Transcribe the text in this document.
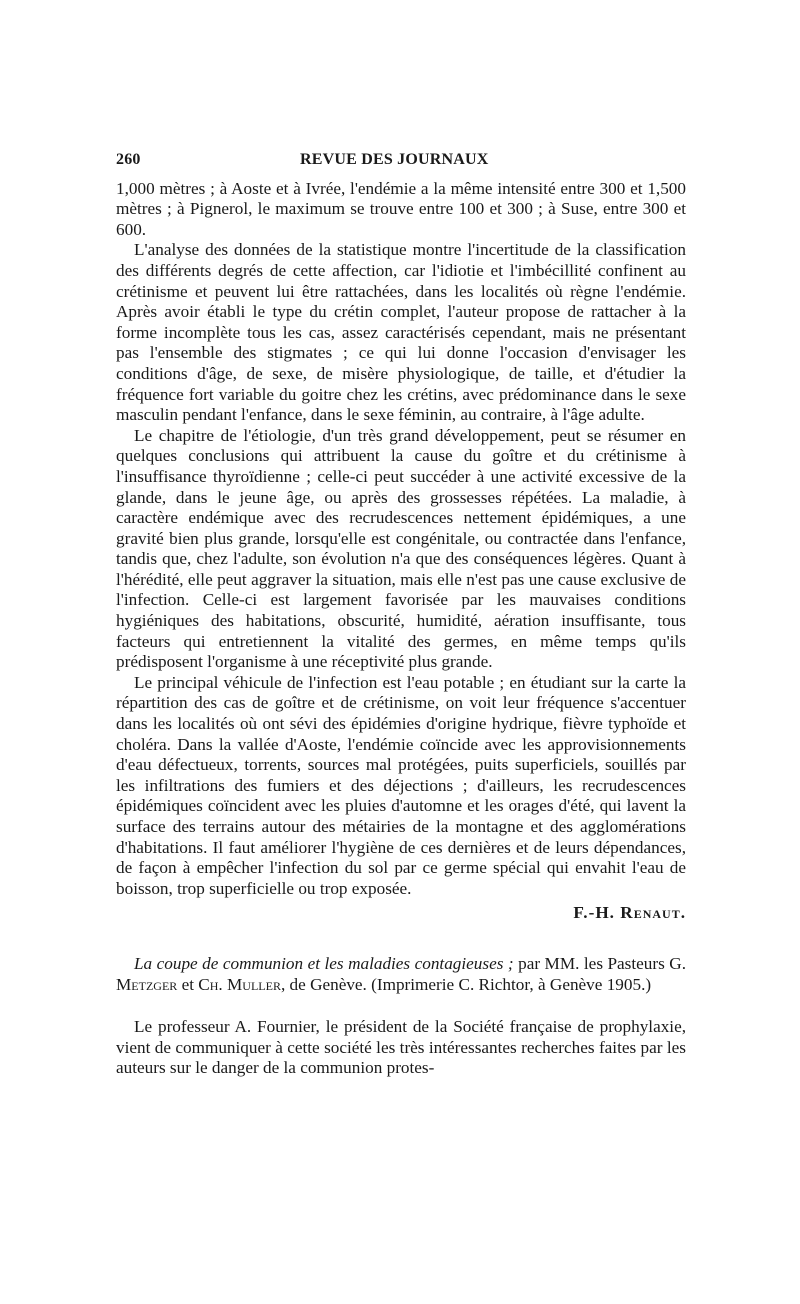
260	REVUE DES JOURNAUX

1,000 mètres ; à Aoste et à Ivrée, l'endémie a la même intensité entre 300 et 1,500 mètres ; à Pignerol, le maximum se trouve entre 100 et 300 ; à Suse, entre 300 et 600.

L'analyse des données de la statistique montre l'incertitude de la classification des différents degrés de cette affection, car l'idiotie et l'imbécillité confinent au crétinisme et peuvent lui être rattachées, dans les localités où règne l'endémie. Après avoir établi le type du crétin complet, l'auteur propose de rattacher à la forme incomplète tous les cas, assez caractérisés cependant, mais ne présentant pas l'ensemble des stigmates ; ce qui lui donne l'occasion d'envisager les conditions d'âge, de sexe, de misère physiologique, de taille, et d'étudier la fréquence fort variable du goitre chez les crétins, avec prédominance dans le sexe masculin pendant l'enfance, dans le sexe féminin, au contraire, à l'âge adulte.

Le chapitre de l'étiologie, d'un très grand développement, peut se résumer en quelques conclusions qui attribuent la cause du goître et du crétinisme à l'insuffisance thyroïdienne ; celle-ci peut succéder à une activité excessive de la glande, dans le jeune âge, ou après des grossesses répétées. La maladie, à caractère endémique avec des recrudescences nettement épidémiques, a une gravité bien plus grande, lorsqu'elle est congénitale, ou contractée dans l'enfance, tandis que, chez l'adulte, son évolution n'a que des conséquences légères. Quant à l'hérédité, elle peut aggraver la situation, mais elle n'est pas une cause exclusive de l'infection. Celle-ci est largement favorisée par les mauvaises conditions hygiéniques des habitations, obscurité, humidité, aération insuffisante, tous facteurs qui entretiennent la vitalité des germes, en même temps qu'ils prédisposent l'organisme à une réceptivité plus grande.

Le principal véhicule de l'infection est l'eau potable ; en étudiant sur la carte la répartition des cas de goître et de crétinisme, on voit leur fréquence s'accentuer dans les localités où ont sévi des épidémies d'origine hydrique, fièvre typhoïde et choléra. Dans la vallée d'Aoste, l'endémie coïncide avec les approvisionnements d'eau défectueux, torrents, sources mal protégées, puits superficiels, souillés par les infiltrations des fumiers et des déjections ; d'ailleurs, les recrudescences épidémiques coïncident avec les pluies d'automne et les orages d'été, qui lavent la surface des terrains autour des métairies de la montagne et des agglomérations d'habitations. Il faut améliorer l'hygiène de ces dernières et de leurs dépendances, de façon à empêcher l'infection du sol par ce germe spécial qui envahit l'eau de boisson, trop superficielle ou trop exposée.

F.-H. Renaut.

La coupe de communion et les maladies contagieuses ; par MM. les Pasteurs G. Metzger et Ch. Muller, de Genève. (Imprimerie C. Richtor, à Genève 1905.)

Le professeur A. Fournier, le président de la Société française de prophylaxie, vient de communiquer à cette société les très intéressantes recherches faites par les auteurs sur le danger de la communion protes-
